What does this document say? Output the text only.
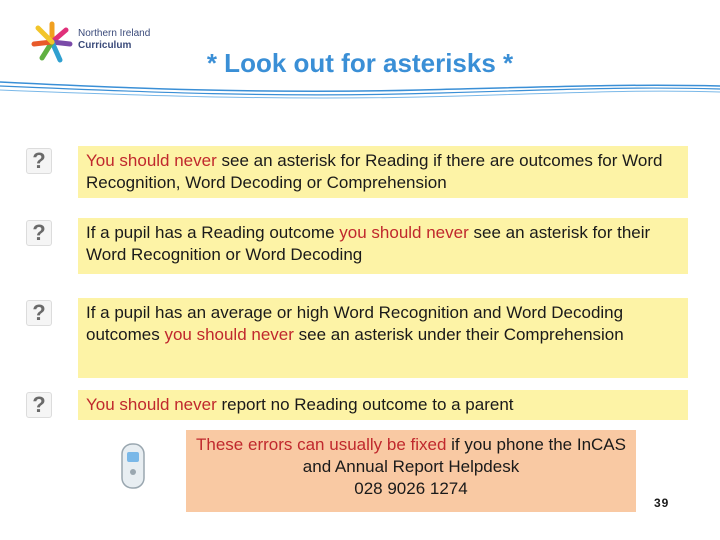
Northern Ireland
Curriculum
* Look out for asterisks *
?	You should never see an asterisk for Reading if there are outcomes for Word Recognition, Word Decoding or Comprehension
?	If a pupil has a Reading outcome you should never see an asterisk for their Word Recognition or Word Decoding
?	If a pupil has an average or high Word Recognition and Word Decoding outcomes you should never see an asterisk under their Comprehension
?	You should never report no Reading outcome to a parent
These errors can usually be fixed if you phone the InCAS and Annual Report Helpdesk
028 9026 1274
39
